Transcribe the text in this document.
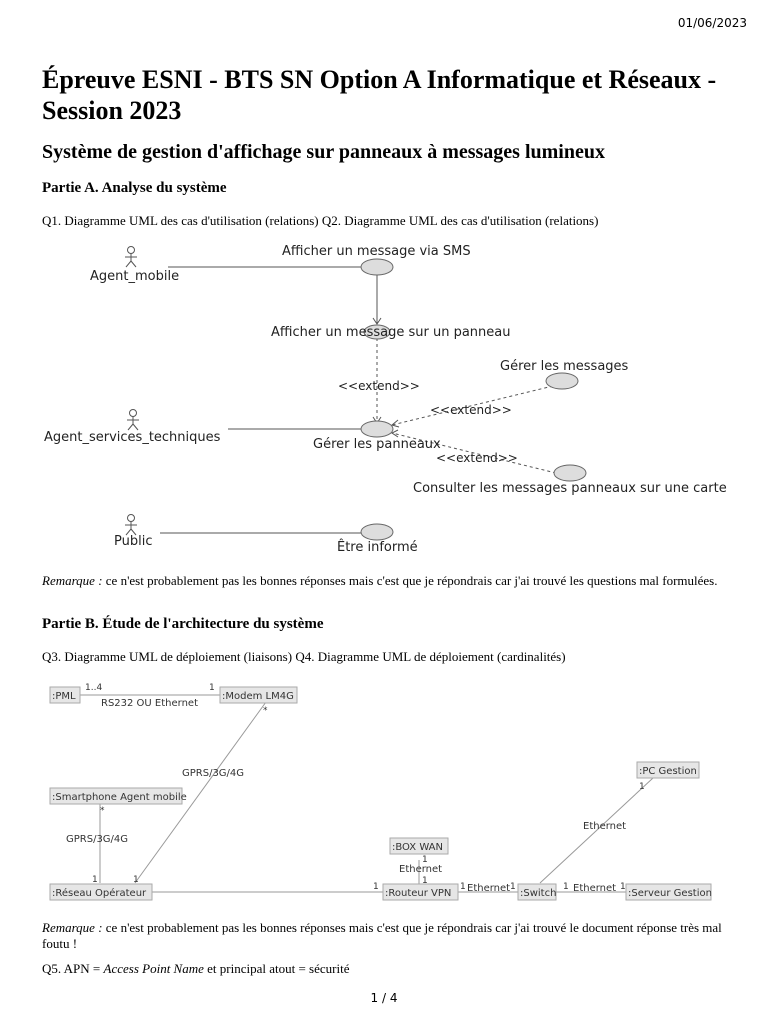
01/06/2023
Épreuve ESNI - BTS SN Option A Informatique et Réseaux - Session 2023
Système de gestion d'affichage sur panneaux à messages lumineux
Partie A. Analyse du système
Q1. Diagramme UML des cas d'utilisation (relations) Q2. Diagramme UML des cas d'utilisation (relations)
Agent_mobile
Agent_services_techniques
Public
Afficher un message via SMS
Afficher un message sur un panneau
Gérer les messages
Gérer les panneaux
Consulter les messages panneaux sur une carte
Être informé
<<extend>>
<<extend>>
<<extend>>
Remarque : ce n'est probablement pas les bonnes réponses mais c'est que je répondrais car j'ai trouvé les questions mal formulées.
Partie B. Étude de l'architecture du système
Q3. Diagramme UML de déploiement (liaisons) Q4. Diagramme UML de déploiement (cardinalités)
:PML	:Modem LM4G
:Smartphone Agent mobile
:Réseau Opérateur
:BOX WAN
:Routeur VPN	:Switch	:Serveur Gestion
:PC Gestion
RS232 OU Ethernet
GPRS/3G/4G
GPRS/3G/4G
Ethernet
Ethernet	Ethernet
Ethernet
1..4	1
*
*
1	1
1
1
1
1	1	1	1
1
Remarque : ce n'est probablement pas les bonnes réponses mais c'est que je répondrais car j'ai trouvé le document réponse très mal foutu !
Q5. APN = Access Point Name et principal atout = sécurité
1 / 4
